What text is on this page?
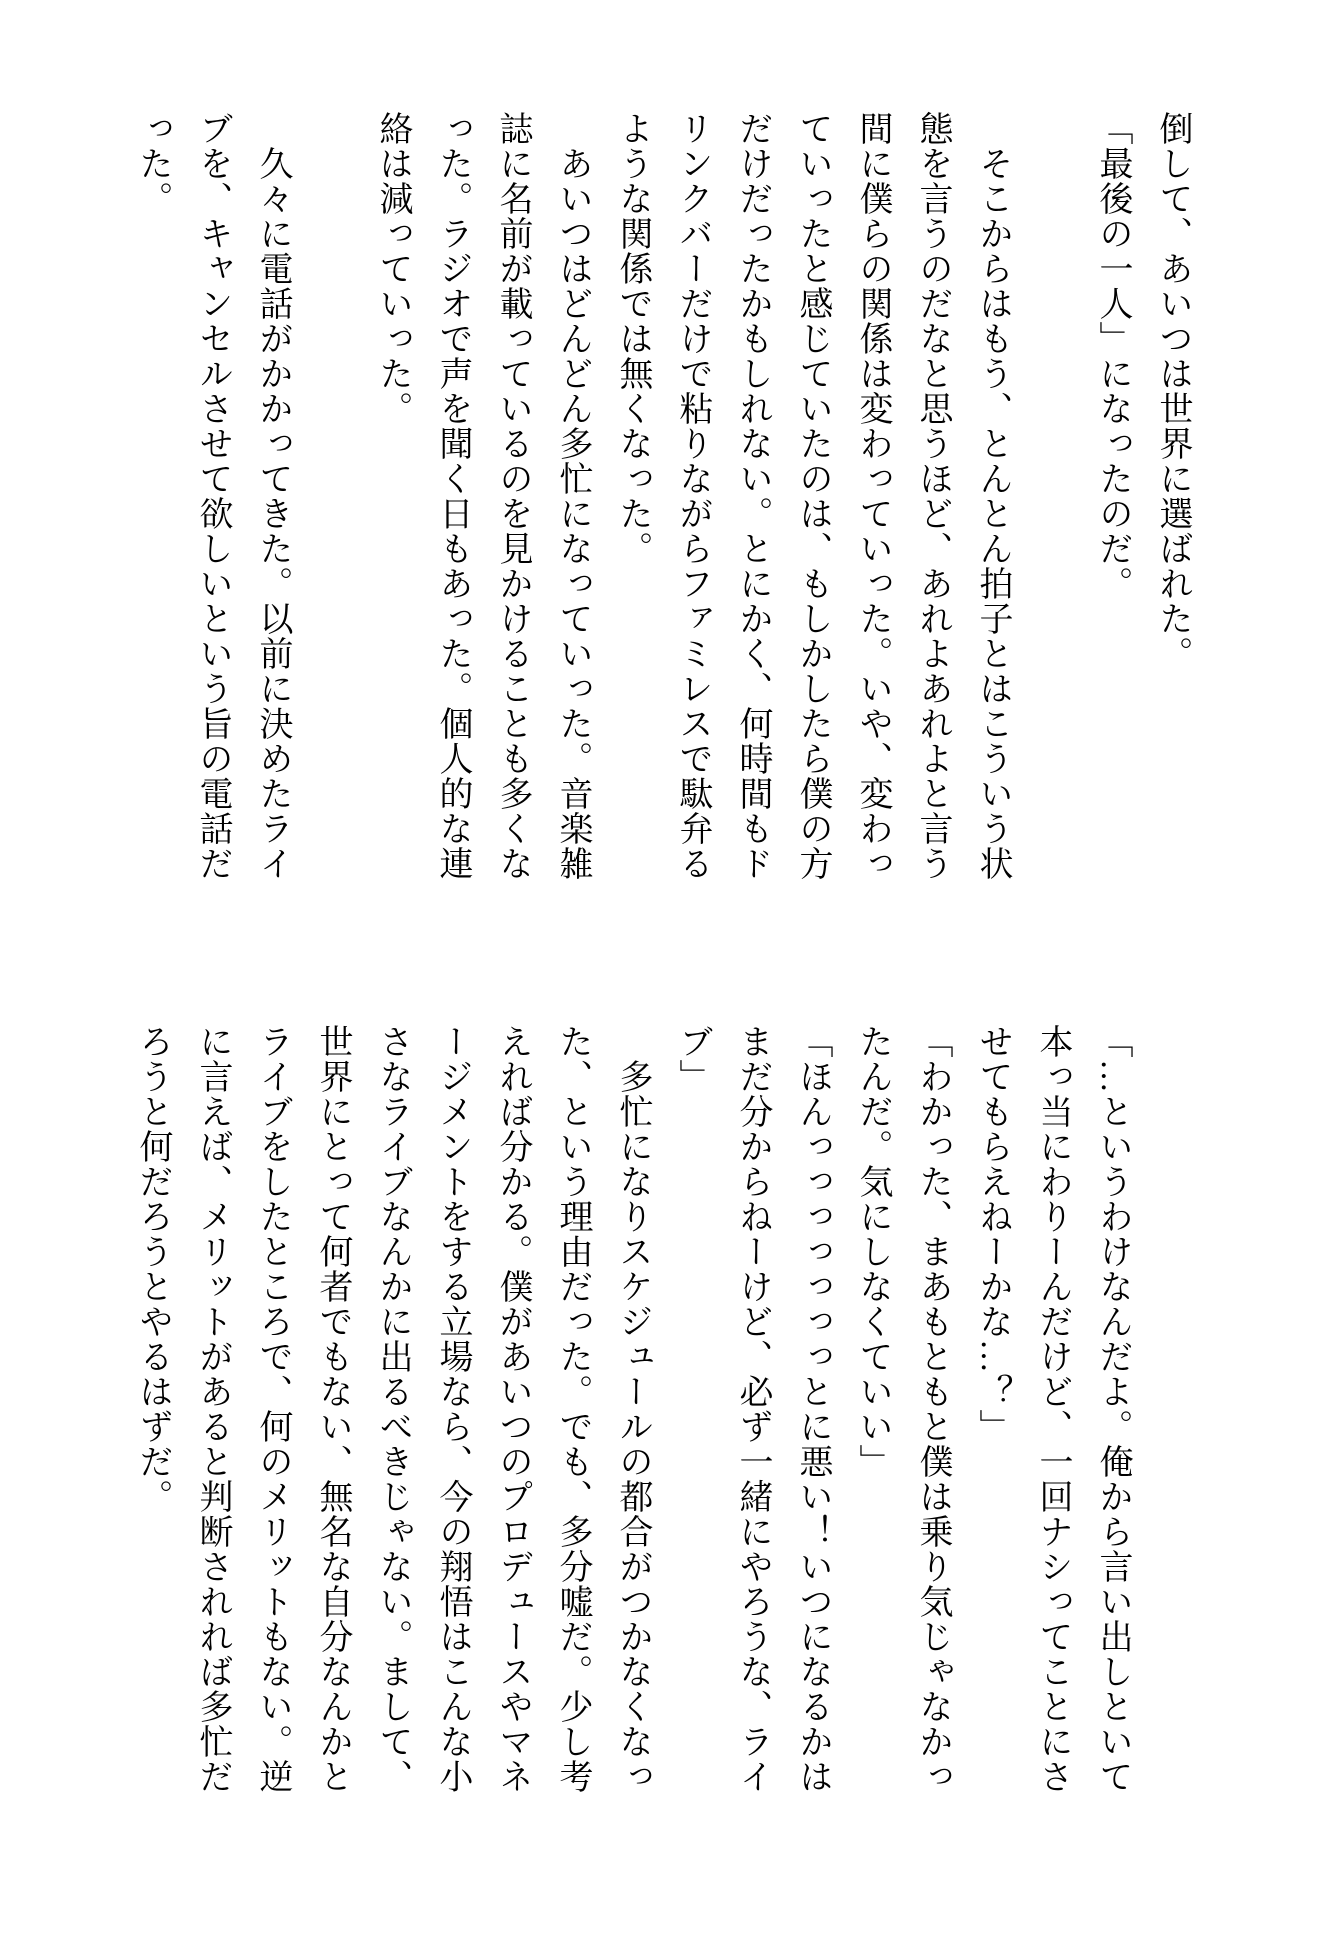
倒して、あいつは世界に選ばれた。

「最後の一人」になったのだ。

　そこからはもう、とんとん拍子とはこういう状態を言うのだなと思うほど、あれよあれよと言う間に僕らの関係は変わっていった。いや、変わっていったと感じていたのは、もしかしたら僕の方だけだったかもしれない。とにかく、何時間もドリンクバーだけで粘りながらファミレスで駄弁るような関係では無くなった。

　あいつはどんどん多忙になっていった。音楽雑誌に名前が載っているのを見かけることも多くなった。ラジオで声を聞く日もあった。個人的な連絡は減っていった。

　久々に電話がかかってきた。以前に決めたライブを、キャンセルさせて欲しいという旨の電話だった。

「…というわけなんだよ。俺から言い出しといて本っ当にわりーんだけど、一回ナシってことにさせてもらえねーかな…？」

「わかった、まあもともと僕は乗り気じゃなかったんだ。気にしなくていい」

「ほんっっっっっっっとに悪い！いつになるかはまだ分からねーけど、必ず一緒にやろうな、ライブ」

　多忙になりスケジュールの都合がつかなくなった、という理由だった。でも、多分嘘だ。少し考えれば分かる。僕があいつのプロデュースやマネージメントをする立場なら、今の翔悟はこんな小さなライブなんかに出るべきじゃない。まして、世界にとって何者でもない、無名な自分なんかとライブをしたところで、何のメリットもない。逆に言えば、メリットがあると判断されれば多忙だろうと何だろうとやるはずだ。
